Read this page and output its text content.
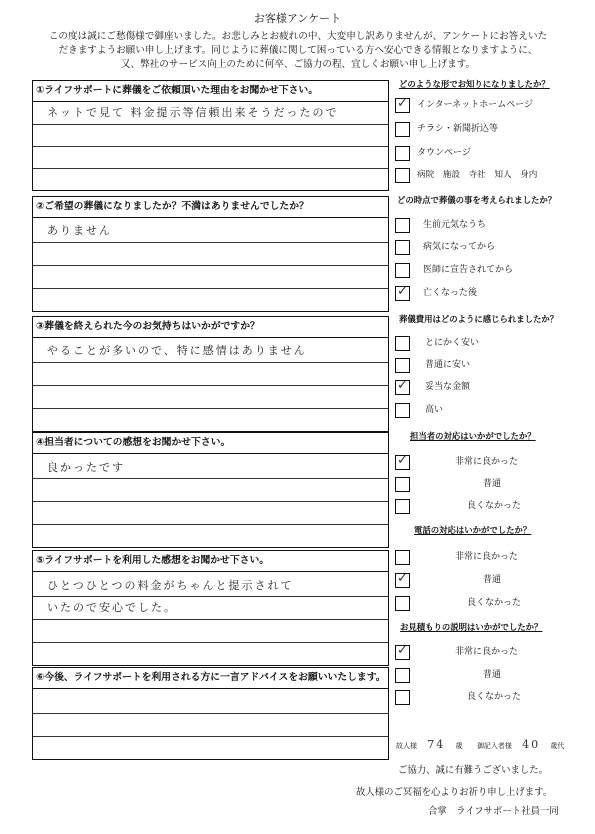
お客様アンケート
この度は誠にご愁傷様で御座いました。お悲しみとお疲れの中、大変申し訳ありませんが、アンケートにお答えいた
だきますようお願い申し上げます。同じように葬儀に関して困っている方へ安心できる情報となりますように、
又、弊社のサービス向上のために何卒、ご協力の程、宜しくお願い申し上げます。
①ライフサポートに葬儀をご依頼頂いた理由をお聞かせ下さい。
ネットで見て 料金提示等信頼出来そうだったので
②ご希望の葬儀になりましたか？不満はありませんでしたか？
ありません
③葬儀を終えられた今のお気持ちはいかがですか？
やることが多いので、特に感情はありません
④担当者についての感想をお聞かせ下さい。
良かったです
⑤ライフサポートを利用した感想をお聞かせ下さい。
ひとつひとつの料金がちゃんと提示されて
いたので安心でした。
⑥今後、ライフサポートを利用される方に一言アドバイスをお願いいたします。
どのような形でお知りになりましたか？
✓ インターネットホームページ
チラシ・新聞折込等
タウンページ
病院　施設　寺社　知人　身内
どの時点で葬儀の事を考えられましたか？
生前元気なうち
病気になってから
医師に宣告されてから
✓ 亡くなった後
葬儀費用はどのように感じられましたか？
とにかく安い
普通に安い
✓ 妥当な金額
高い
担当者の対応はいかがでしたか？
✓	非常に良かった
普通
良くなかった
電話の対応はいかがでしたか？
非常に良かった
✓	普通
良くなかった
お見積もりの説明はいかがでしたか？
✓	非常に良かった
普通
良くなかった
故人様 74 歳 御記入者様 40 歳代
ご協力、誠に有難うございました。
故人様のご冥福を心よりお祈り申し上げます。
合掌　ライフサポート社員一同
